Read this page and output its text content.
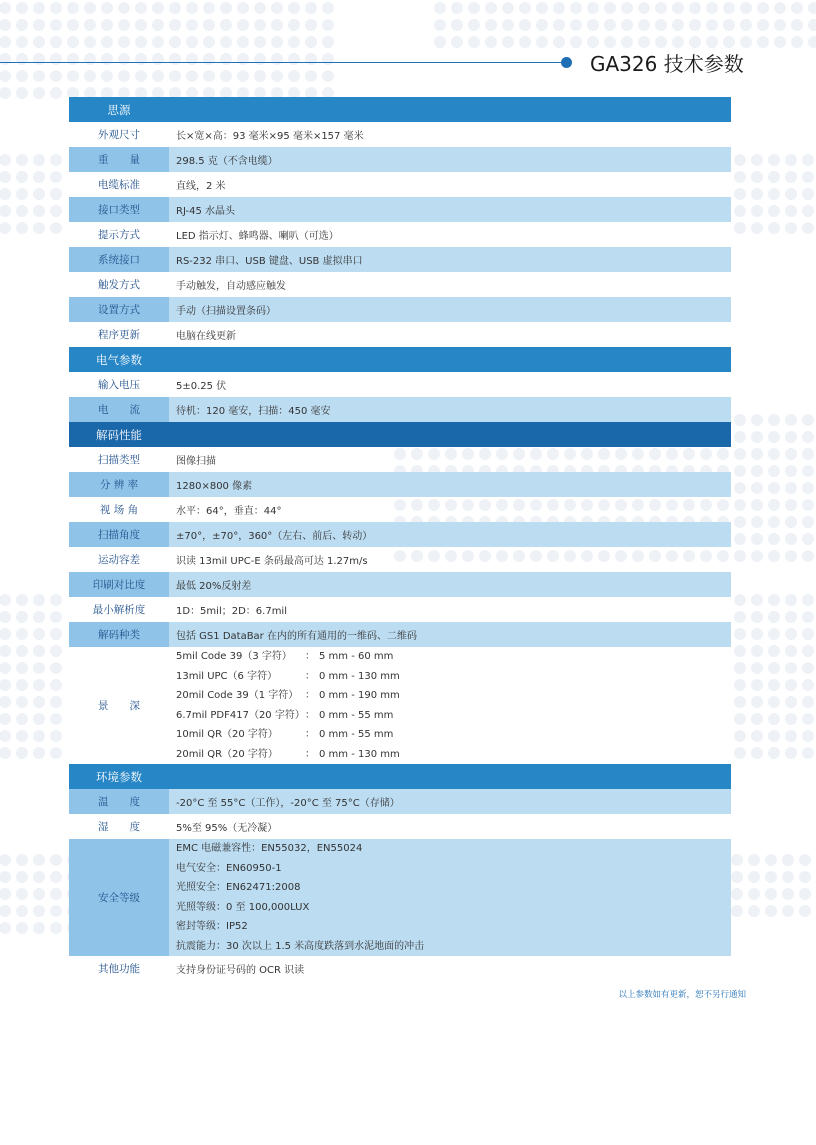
GA326 技术参数
思源
外观尺寸	长×宽×高：93 毫米×95 毫米×157 毫米
重　　量	298.5 克（不含电缆）
电缆标准	直线，2 米
接口类型	RJ-45 水晶头
提示方式	LED 指示灯、蜂鸣器、喇叭（可选）
系统接口	RS-232 串口、USB 键盘、USB 虚拟串口
触发方式	手动触发，自动感应触发
设置方式	手动（扫描设置条码）
程序更新	电脑在线更新
电气参数
输入电压	5±0.25 伏
电　　流	待机：120 毫安，扫描：450 毫安
解码性能
扫描类型	图像扫描
分 辨 率	1280×800 像素
视 场 角	水平：64°，垂直：44°
扫描角度	±70°，±70°，360°（左右、前后、转动）
运动容差	识读 13mil UPC-E 条码最高可达 1.27m/s
印刷对比度	最低 20%反射差
最小解析度	1D：5mil；2D：6.7mil
解码种类	包括 GS1 DataBar 在内的所有通用的一维码、二维码
景　　深
5mil Code 39（3 字符）	： 5 mm - 60 mm
13mil UPC（6 字符）	： 0 mm - 130 mm
20mil Code 39（1 字符） ： 0 mm - 190 mm
6.7mil PDF417（20 字符） ： 0 mm - 55 mm
10mil QR（20 字符）	： 0 mm - 55 mm
20mil QR（20 字符）	： 0 mm - 130 mm
环境参数
温　　度	-20°C 至 55°C（工作），-20°C 至 75°C（存储）
湿　　度	5%至 95%（无冷凝）
安全等级
EMC 电磁兼容性：EN55032，EN55024
电气安全：EN60950-1
光照安全：EN62471:2008
光照等级：0 至 100,000LUX
密封等级：IP52
抗震能力：30 次以上 1.5 米高度跌落到水泥地面的冲击
其他功能	支持身份证号码的 OCR 识读
以上参数如有更新，恕不另行通知
